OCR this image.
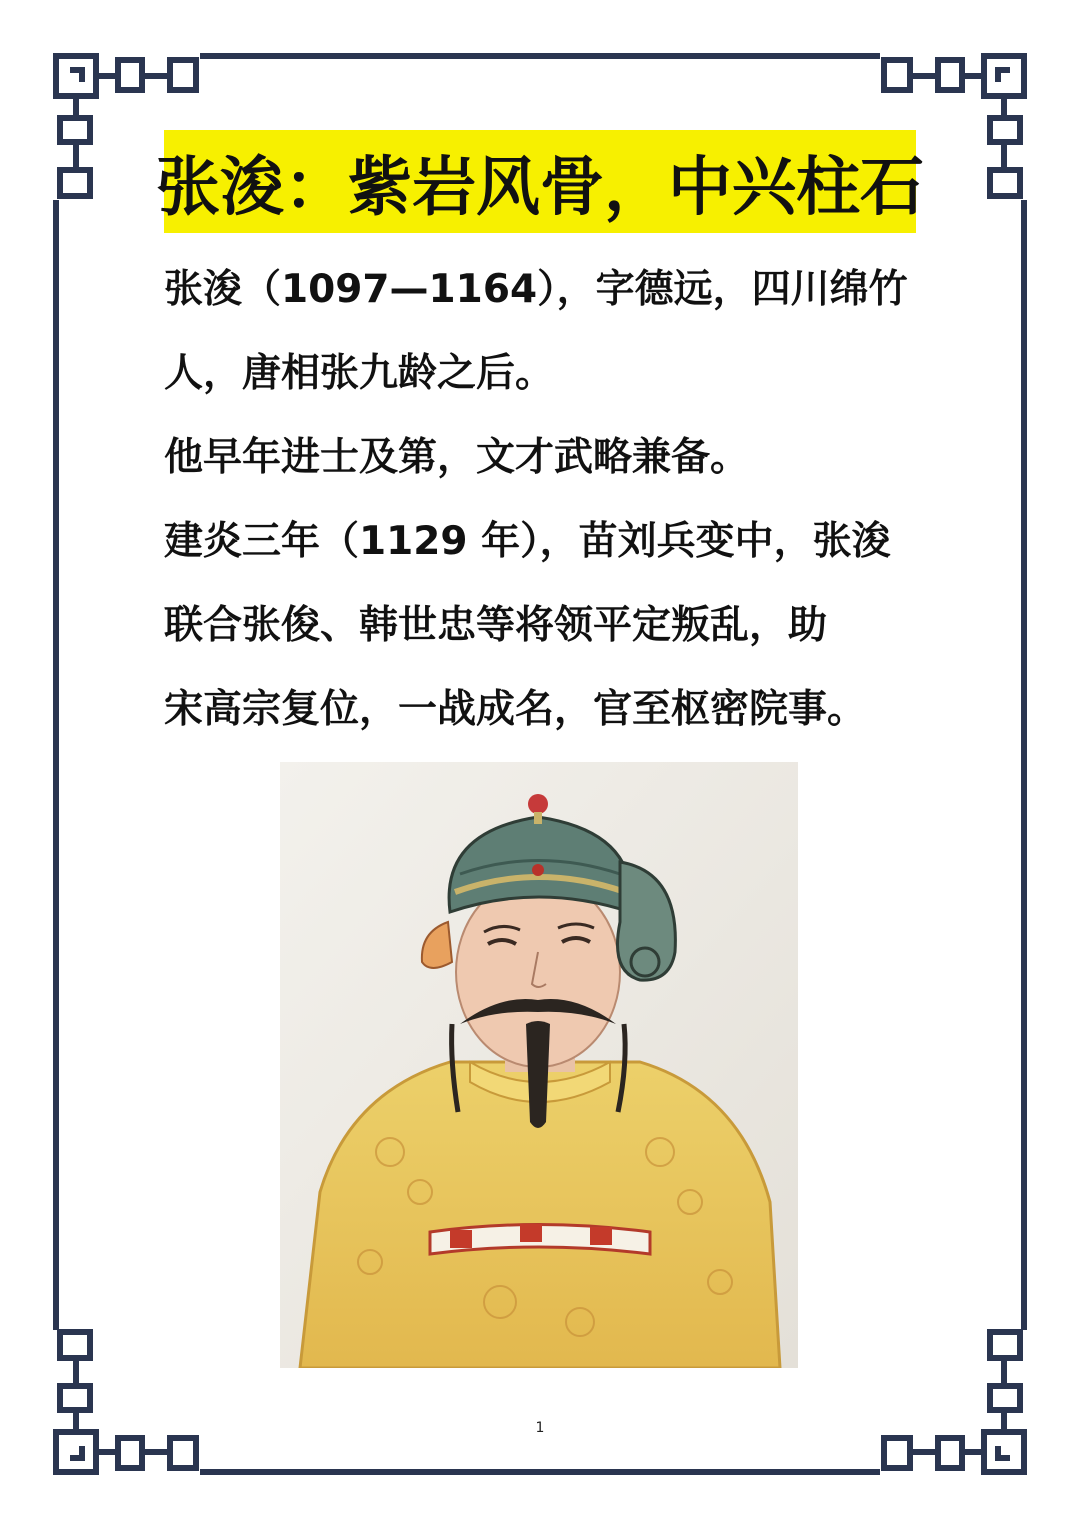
张浚：紫岩风骨，中兴柱石

张浚（1097—1164），字德远，四川绵竹

人，唐相张九龄之后。

他早年进士及第，文才武略兼备。

建炎三年（1129 年），苗刘兵变中，张浚

联合张俊、韩世忠等将领平定叛乱，助

宋高宗复位，一战成名，官至枢密院事。

1
